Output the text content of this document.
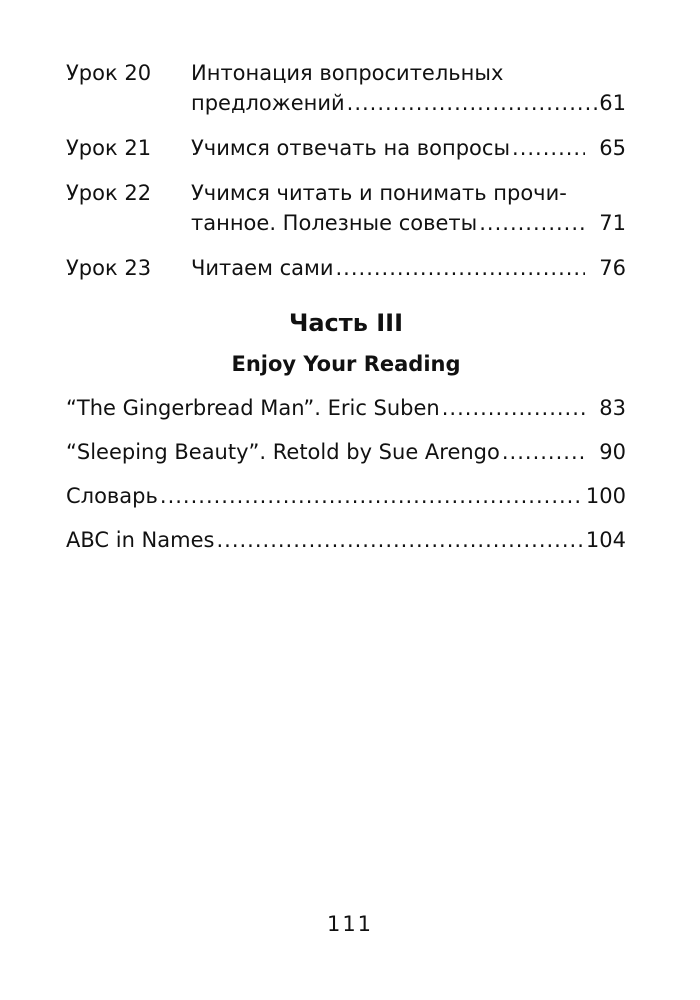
Урок 20	Интонация вопросительных
предложений .....	61
Урок 21	Учимся отвечать на вопросы .....	65
Урок 22	Учимся читать и понимать прочи-
танное. Полезные советы .....	71
Урок 23	Читаем сами .....	76
Часть III
Enjoy Your Reading
“The Gingerbread Man”. Eric Suben .....	83
“Sleeping Beauty”. Retold by Sue Arengo .....	90
Словарь .....	100
ABC in Names .....	104
111
